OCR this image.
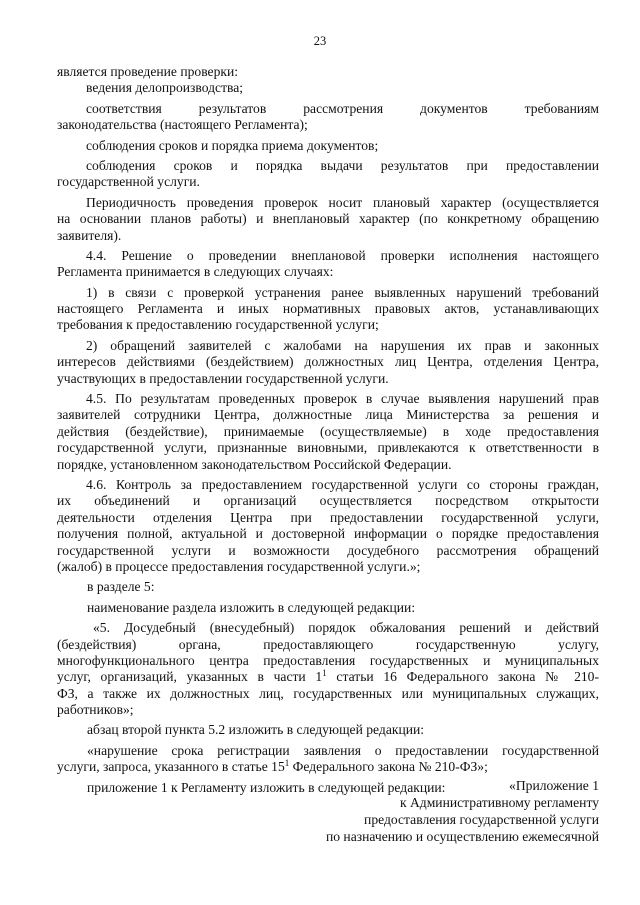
23
является проведение проверки:
ведения делопроизводства;
соответствия результатов рассмотрения документов требованиям
законодательства (настоящего Регламента);
соблюдения сроков и порядка приема документов;
соблюдения сроков и порядка выдачи результатов при предоставлении
государственной услуги.
Периодичность проведения проверок носит плановый характер (осуществляется
на основании планов работы) и внеплановый характер (по конкретному обращению
заявителя).
4.4. Решение о проведении внеплановой проверки исполнения настоящего
Регламента принимается в следующих случаях:
1) в связи с проверкой устранения ранее выявленных нарушений требований
настоящего Регламента и иных нормативных правовых актов, устанавливающих
требования к предоставлению государственной услуги;
2) обращений заявителей с жалобами на нарушения их прав и законных
интересов действиями (бездействием) должностных лиц Центра, отделения Центра,
участвующих в предоставлении государственной услуги.
4.5. По результатам проведенных проверок в случае выявления нарушений прав
заявителей сотрудники Центра, должностные лица Министерства за решения и
действия (бездействие), принимаемые (осуществляемые) в ходе предоставления
государственной услуги, признанные виновными, привлекаются к ответственности в
порядке, установленном законодательством Российской Федерации.
4.6. Контроль за предоставлением государственной услуги со стороны граждан,
их объединений и организаций осуществляется посредством открытости
деятельности отделения Центра при предоставлении государственной услуги,
получения полной, актуальной и достоверной информации о порядке предоставления
государственной услуги и возможности досудебного рассмотрения обращений
(жалоб) в процессе предоставления государственной услуги.»;
в разделе 5:
наименование раздела изложить в следующей редакции:
«5. Досудебный (внесудебный) порядок обжалования решений и действий
(бездействия) органа, предоставляющего государственную услугу,
многофункционального центра предоставления государственных и муниципальных
услуг, организаций, указанных в части $1^1$ статьи 16 Федерального закона № 210-
ФЗ, а также их должностных лиц, государственных или муниципальных служащих,
работников»;
абзац второй пункта 5.2 изложить в следующей редакции:
«нарушение срока регистрации заявления о предоставлении государственной
услуги, запроса, указанного в статье $15^1$ Федерального закона № 210-ФЗ»;
приложение 1 к Регламенту изложить в следующей редакции:	«Приложение 1
к Административному регламенту
предоставления государственной услуги
по назначению и осуществлению ежемесячной
